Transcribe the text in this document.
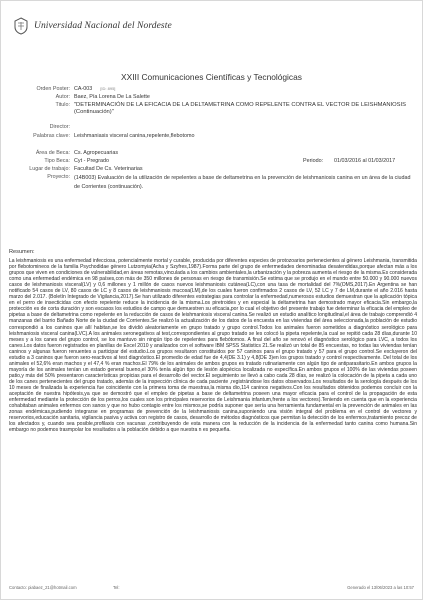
Universidad Nacional del Nordeste
XXIII Comunicaciones Científicas y Tecnológicas
Orden Poster: CA-003 [ID: 895]
Autor: Baez, Pía Lorena De La Salette
Titulo: "DETERMINACIÓN DE LA EFICACIA DE LA DELTAMETRINA COMO REPELENTE CONTRA EL VECTOR DE LEISHMANIOSIS (Continuación)"
Director:
Palabras clave: Leishmaniasis visceral canina,repelente,flebotomo
Área de Beca: Cs. Agropecuarias
Tipo Beca: Cyt - Pregrado	Periodo: 01/03/2016 al 01/03/2017
Lugar de trabajo: Facultad De Cs. Veterinarias
Proyecto: (14B003) Evaluación de la utilización de repelentes a base de deltametrina en la prevención de leishmaniosis canina en un área de la ciudad de Corrientes (continuación).
Resumen:
La leishmaniosis es una enfermedad infecciosa, potencialmente mortal y curable, producida por diferentes especies de protozoarios pertenecientes al género Leishmania, transmitida por flebotomineos de la familia Psychodidae género Lutzomyia(Acha y Szyfres,1987).Forma parte del grupo de enfermedades denominadas desatendidas,porque afectan más a los grupos que viven en condiciones de vulnerabilidad,en áreas remotas,vinculada a los cambios ambientales,la urbanización y la pobreza aumenta el riesgo de la misma.Es considerada como una enfermedad endémica en 98 países,con más de 350 millones de personas en riesgo de transmisión.Se estima que se produjo en el mundo entre 50.000 y 90.000 nuevos casos de leishmaniosis visceral(LV) y 0,6 millones y 1 millón de casos nuevos leishmaniosis cutánea(LC),con una tasa de mortalidad del 7%(OMS,2017).En Argentina se han notificado 54 casos de LV, 80 casos de LC y 8 casos de leishmaniosis mucosa(LM),de los cuales fueron confirmados 2 casos de LV, 52 LC y 7 de LM,durante el año 2.016 hasta marzo del 2.017. (Boletín Integrado de Vigilancia,2017).Se han utilizado diferentes estrategias para controlar la enfermedad,numerosos estudios demuestran que la aplicación tópica en el perro de insecticidas con efecto repelente reduce la incidencia de la misma.Los piretroides y en especial la deltametrina han demostrado mayor eficacia.Sin embargo,la protección es de corta duración y son escasos los estudios de campo que demuestren su eficacia,por lo cual el objetivo del presente trabajo fue determinar la eficacia del empleo de pipetas a base de deltametrina como repelente en la reducción de casos de leishmaniosis visceral canina.Se realizó un estudio analítico longitudinal,el área de trabajo comprendió 4 manzanas del barrio Bañado Norte de la ciudad de Corrientes.Se realizó la actualización de los datos de la encuesta en las viviendas del área seleccionada,la población de estudio correspondió a los caninos que allí habitan,se los dividió aleatoriamente en grupo tratado y grupo control.Todos los animales fueron sometidos a diagnóstico serológico para leishmaniosis visceral canina(LVC).A los animales seronegativos al test,correspondientes al grupo tratado se les colocó la pipeta repelente,la cual se repitió cada 28 días,durante 10 meses y a los canes del grupo control, se los mantuvo sin ningún tipo de repelentes para flebótomos. A final del año se renovó el diagnóstico serológico para LVC, a todos los canes.Los datos fueron registrados en planillas de Excel 2010 y analizados con el software IBM SPSS Statistics 21.Se realizó un total de 85 encuestas, no todas las viviendas tenían caninos y algunas fueron renuentes a participar del estudio.Los grupos resultaron constituidos por 57 caninos para el grupo tratado y 57 para el grupo control.Se excluyeron del estudio a 3 caninos que fueron sero-reactivos al test diagnóstico.El promedio de edad fue de 4,4(DE 3.1) y 4,8(DE 3)en los grupos tratado y control respectivamente. Del total de los animales el 52,6% eran machos y el 47,4 % eran machos.El 79% de los animales de ambos grupos es tratado rutinariamente con algún tipo de antiparasitario.En ambos grupos la mayoría de los animales tenían un estado general bueno,el 30% tenía algún tipo de lesión alopécica localizada no específica.En ambos grupos el 100% de las viviendas poseen patio,y más del 50% presentaron características propicias para el desarrollo del vector.El seguimiento se llevó a cabo cada 28 días, se realizó la colocación de la pipeta a cada uno de los canes pertenecientes del grupo tratado, además de la inspección clínica de cada paciente ,registrándose los datos observados.Los resultados de la serología después de los 10 meses de finalizada la experiencia fue coincidente con la primera toma de muestras,la misma dio,114 caninos negativos.Con los resultados obtenidos podemos concluir con la aceptación de nuestra hipótesis,ya que se demostró que el empleo de pipetas a base de deltametrina poseen una mayor eficacia para el control de la propagación de esta enfermedad mediante la protección de los perros,los cuales son los principales reservorios de Leishmania infantum,frente a los vectores).Teniendo en cuenta que en la experiencia cohabitaban animales enfermos con sanos y que no hubo contagio entre los mismos,se podría suponer que sería una herramienta fundamental en la prevención de animales en las zonas endémicas,pudiendo integrarse en programas de prevención de la leishmaniosis canina,suponiendo una visión integral del problema en el control de vectores y reservorios,educación sanitaria, vigilancia pasiva y activa con registro de casos, desarrollo de métodos diagnósticos que permitan la detección de los enfermos,tratamiento precoz de los afectados y, cuando sea posible,profilaxis con vacunas ,contribuyendo de esta manera con la reducción de la incidencia de la enfermedad tanto canina como humana.Sin embargo no podemos trasmpolar los resultados a la población debido a que nuestra n es pequeña.
Contacto: piabaez_21@hotmail.com	Tel:	Generado el 13/06/2023 a las 10:57
